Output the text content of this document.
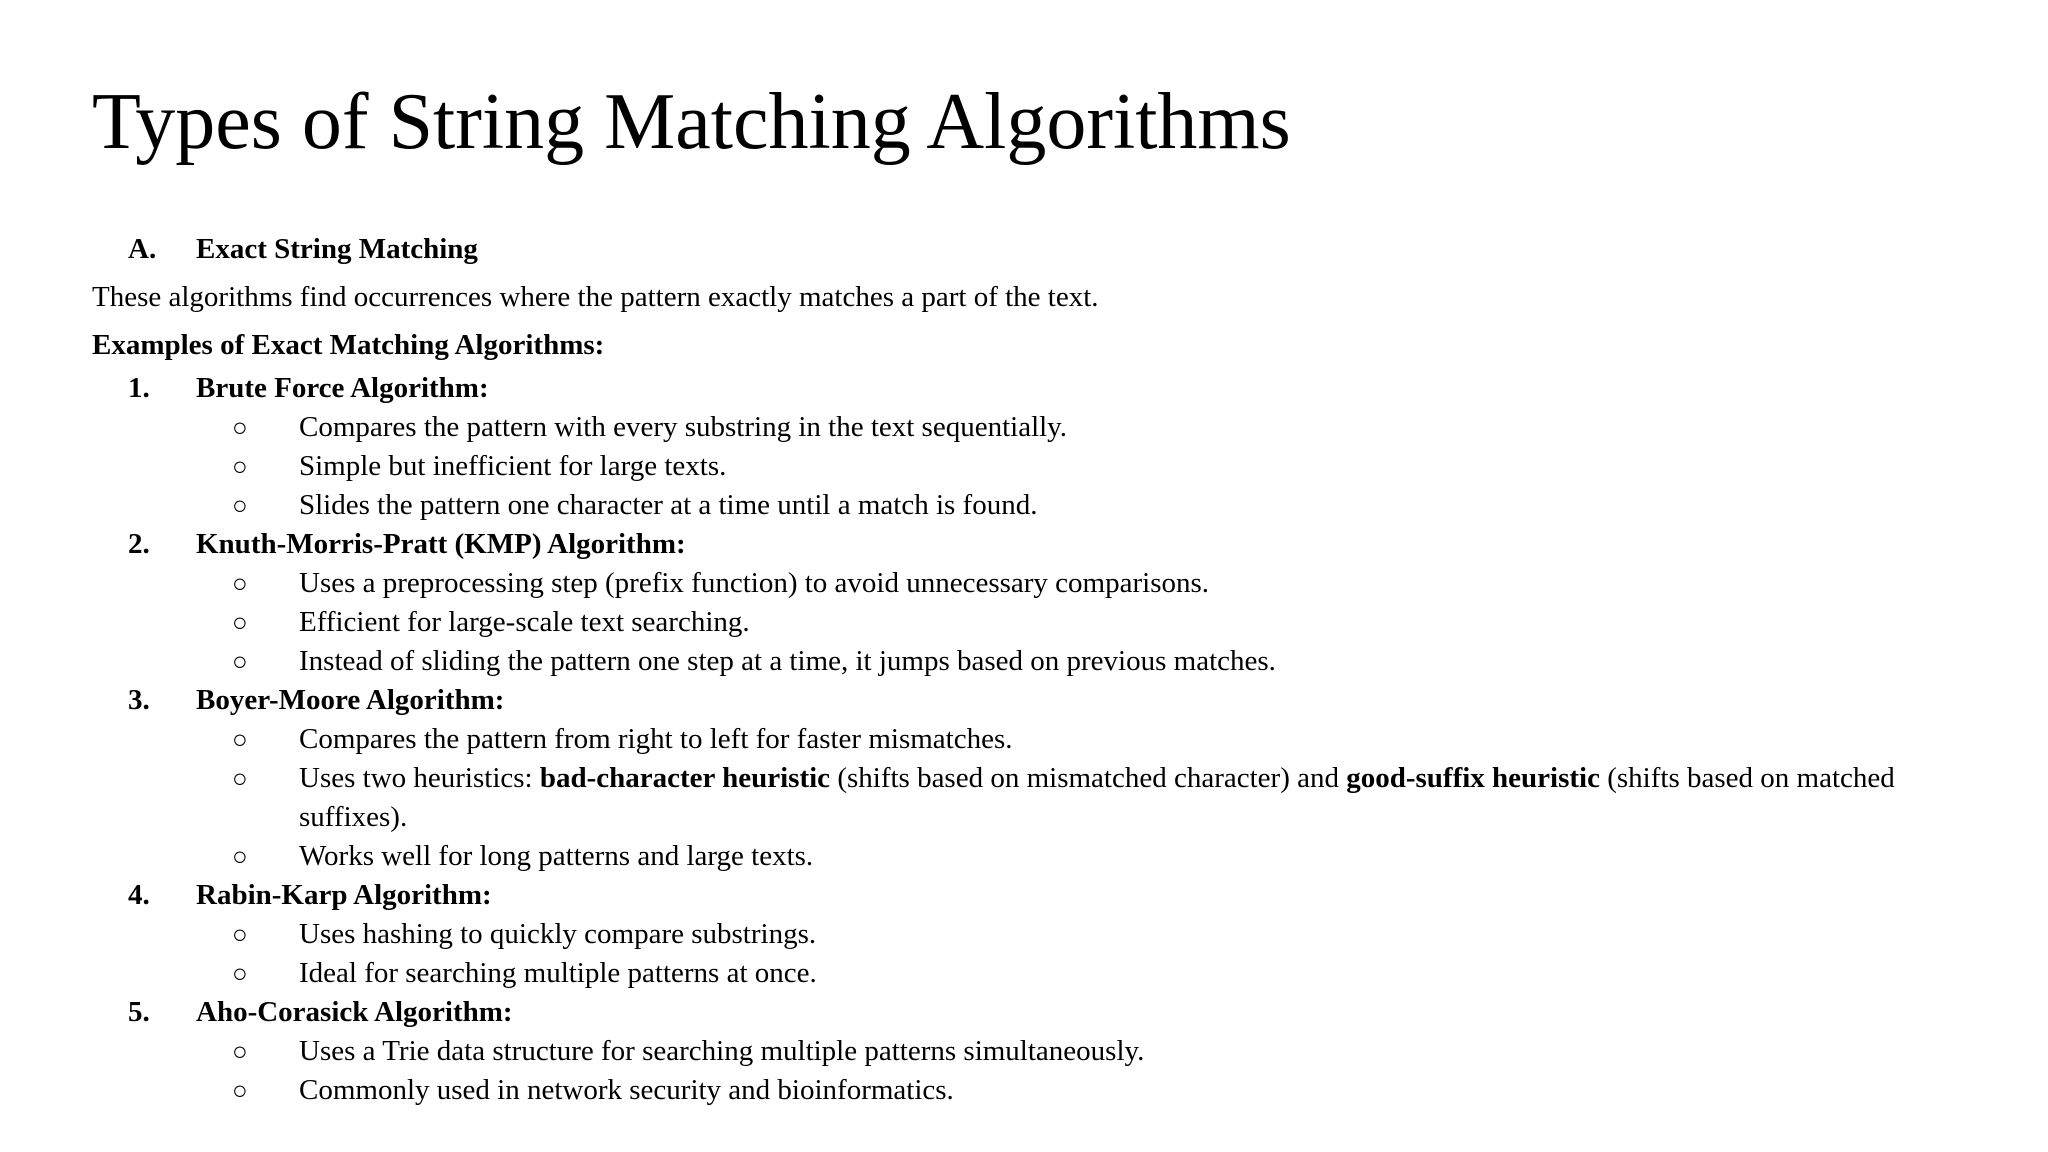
Types of String Matching Algorithms
A. Exact String Matching
These algorithms find occurrences where the pattern exactly matches a part of the text.
Examples of Exact Matching Algorithms:
1. Brute Force Algorithm:
○ Compares the pattern with every substring in the text sequentially.
○ Simple but inefficient for large texts.
○ Slides the pattern one character at a time until a match is found.
2. Knuth-Morris-Pratt (KMP) Algorithm:
○ Uses a preprocessing step (prefix function) to avoid unnecessary comparisons.
○ Efficient for large-scale text searching.
○ Instead of sliding the pattern one step at a time, it jumps based on previous matches.
3. Boyer-Moore Algorithm:
○ Compares the pattern from right to left for faster mismatches.
○ Uses two heuristics: bad-character heuristic (shifts based on mismatched character) and good-suffix heuristic (shifts based on matched suffixes).
○ Works well for long patterns and large texts.
4. Rabin-Karp Algorithm:
○ Uses hashing to quickly compare substrings.
○ Ideal for searching multiple patterns at once.
5. Aho-Corasick Algorithm:
○ Uses a Trie data structure for searching multiple patterns simultaneously.
○ Commonly used in network security and bioinformatics.
